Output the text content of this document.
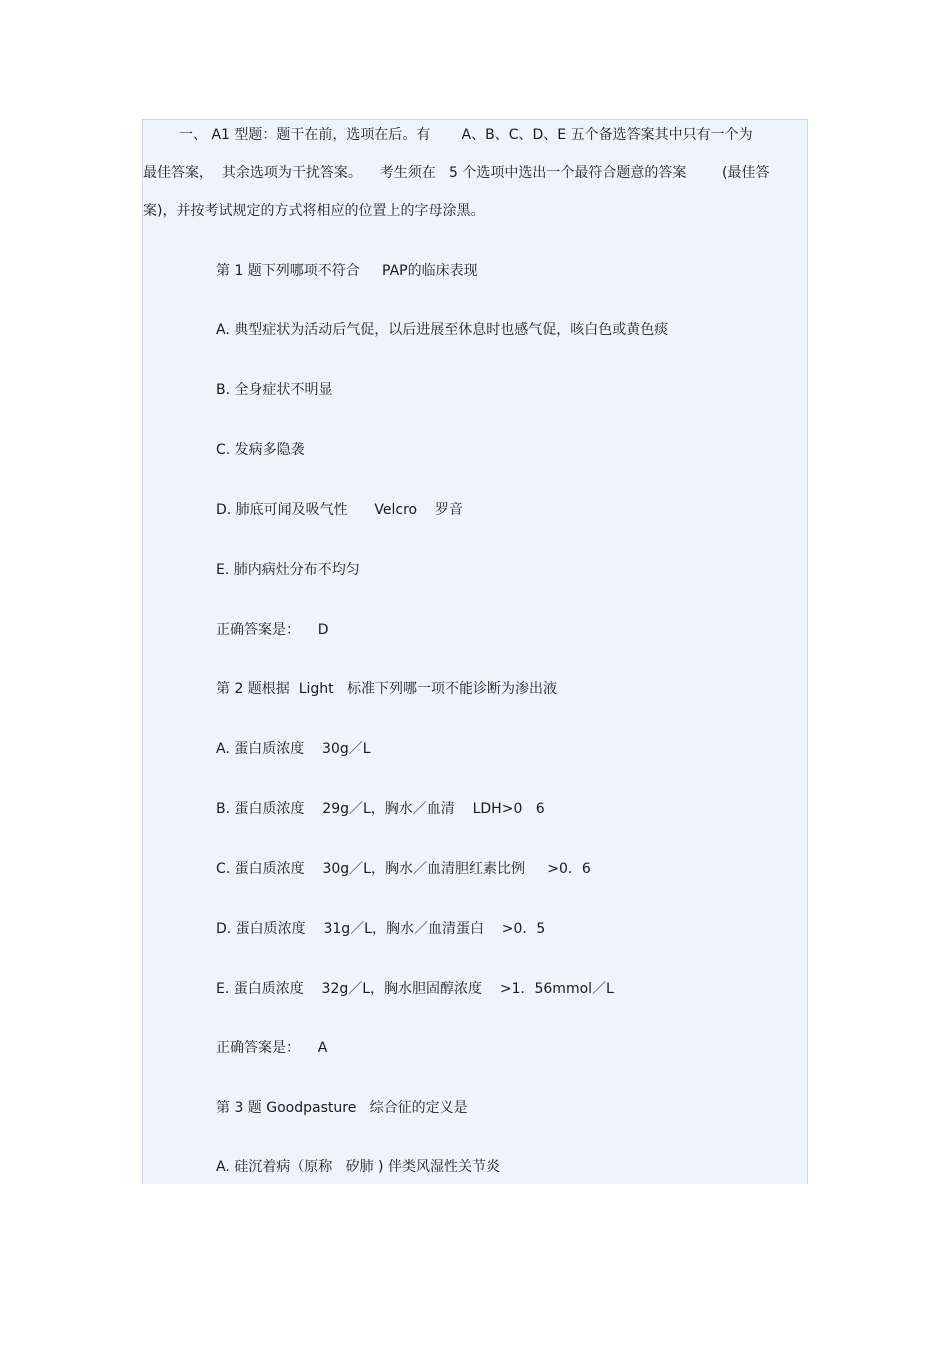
一、 A1 型题：题干在前，选项在后。有       A、B、C、D、E 五个备选答案其中只有一个为
最佳答案，  其余选项为干扰答案。    考生须在   5 个选项中选出一个最符合题意的答案        (最佳答
案)，并按考试规定的方式将相应的位置上的字母涂黑。
第 1 题下列哪项不符合     PAP的临床表现
A. 典型症状为活动后气促，以后进展至休息时也感气促，咳白色或黄色痰
B. 全身症状不明显
C. 发病多隐袭
D. 肺底可闻及吸气性      Velcro    罗音
E. 肺内病灶分布不均匀
正确答案是：    D
第 2 题根据  Light   标准下列哪一项不能诊断为渗出液
A. 蛋白质浓度    30g／L
B. 蛋白质浓度    29g／L，胸水／血清    LDH>0   6
C. 蛋白质浓度    30g／L，胸水／血清胆红素比例     >0．6
D. 蛋白质浓度    31g／L，胸水／血清蛋白    >0．5
E. 蛋白质浓度    32g／L，胸水胆固醇浓度    >1．56mmol／L
正确答案是：    A
第 3 题 Goodpasture   综合征的定义是
A. 硅沉着病（原称   矽肺 ) 伴类风湿性关节炎
